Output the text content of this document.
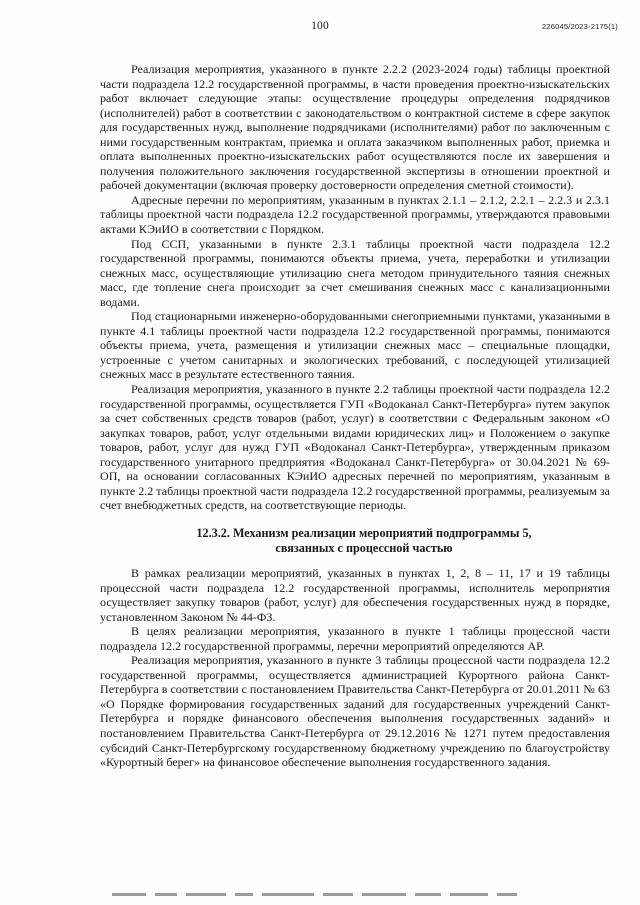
100	226045/2023-2175(1)

Реализация мероприятия, указанного в пункте 2.2.2 (2023-2024 годы) таблицы проектной части подраздела 12.2 государственной программы, в части проведения проектно-изыскательских работ включает следующие этапы: осуществление процедуры определения подрядчиков (исполнителей) работ в соответствии с законодательством о контрактной системе в сфере закупок для государственных нужд, выполнение подрядчиками (исполнителями) работ по заключенным с ними государственным контрактам, приемка и оплата заказчиком выполненных работ, приемка и оплата выполненных проектно-изыскательских работ осуществляются после их завершения и получения положительного заключения государственной экспертизы в отношении проектной и рабочей документации (включая проверку достоверности определения сметной стоимости).

Адресные перечни по мероприятиям, указанным в пунктах 2.1.1 – 2.1.2, 2.2.1 – 2.2.3 и 2.3.1 таблицы проектной части подраздела 12.2 государственной программы, утверждаются правовыми актами КЭиИО в соответствии с Порядком.

Под ССП, указанными в пункте 2.3.1 таблицы проектной части подраздела 12.2 государственной программы, понимаются объекты приема, учета, переработки и утилизации снежных масс, осуществляющие утилизацию снега методом принудительного таяния снежных масс, где топление снега происходит за счет смешивания снежных масс с канализационными водами.

Под стационарными инженерно-оборудованными снегоприемными пунктами, указанными в пункте 4.1 таблицы проектной части подраздела 12.2 государственной программы, понимаются объекты приема, учета, размещения и утилизации снежных масс – специальные площадки, устроенные с учетом санитарных и экологических требований, с последующей утилизацией снежных масс в результате естественного таяния.

Реализация мероприятия, указанного в пункте 2.2 таблицы проектной части подраздела 12.2 государственной программы, осуществляется ГУП «Водоканал Санкт-Петербурга» путем закупок за счет собственных средств товаров (работ, услуг) в соответствии с Федеральным законом «О закупках товаров, работ, услуг отдельными видами юридических лиц» и Положением о закупке товаров, работ, услуг для нужд ГУП «Водоканал Санкт-Петербурга», утвержденным приказом государственного унитарного предприятия «Водоканал Санкт-Петербурга» от 30.04.2021 № 69-ОП, на основании согласованных КЭиИО адресных перечней по мероприятиям, указанным в пункте 2.2 таблицы проектной части подраздела 12.2 государственной программы, реализуемым за счет внебюджетных средств, на соответствующие периоды.

12.3.2. Механизм реализации мероприятий подпрограммы 5,
связанных с процессной частью

В рамках реализации мероприятий, указанных в пунктах 1, 2, 8 – 11, 17 и 19 таблицы процессной части подраздела 12.2 государственной программы, исполнитель мероприятия осуществляет закупку товаров (работ, услуг) для обеспечения государственных нужд в порядке, установленном Законом № 44-ФЗ.

В целях реализации мероприятия, указанного в пункте 1 таблицы процессной части подраздела 12.2 государственной программы, перечни мероприятий определяются АР.

Реализация мероприятия, указанного в пункте 3 таблицы процессной части подраздела 12.2 государственной программы, осуществляется администрацией Курортного района Санкт-Петербурга в соответствии с постановлением Правительства Санкт-Петербурга от 20.01.2011 № 63 «О Порядке формирования государственных заданий для государственных учреждений Санкт-Петербурга и порядке финансового обеспечения выполнения государственных заданий» и постановлением Правительства Санкт-Петербурга от 29.12.2016 № 1271 путем предоставления субсидий Санкт-Петербургскому государственному бюджетному учреждению по благоустройству «Курортный берег» на финансовое обеспечение выполнения государственного задания.
